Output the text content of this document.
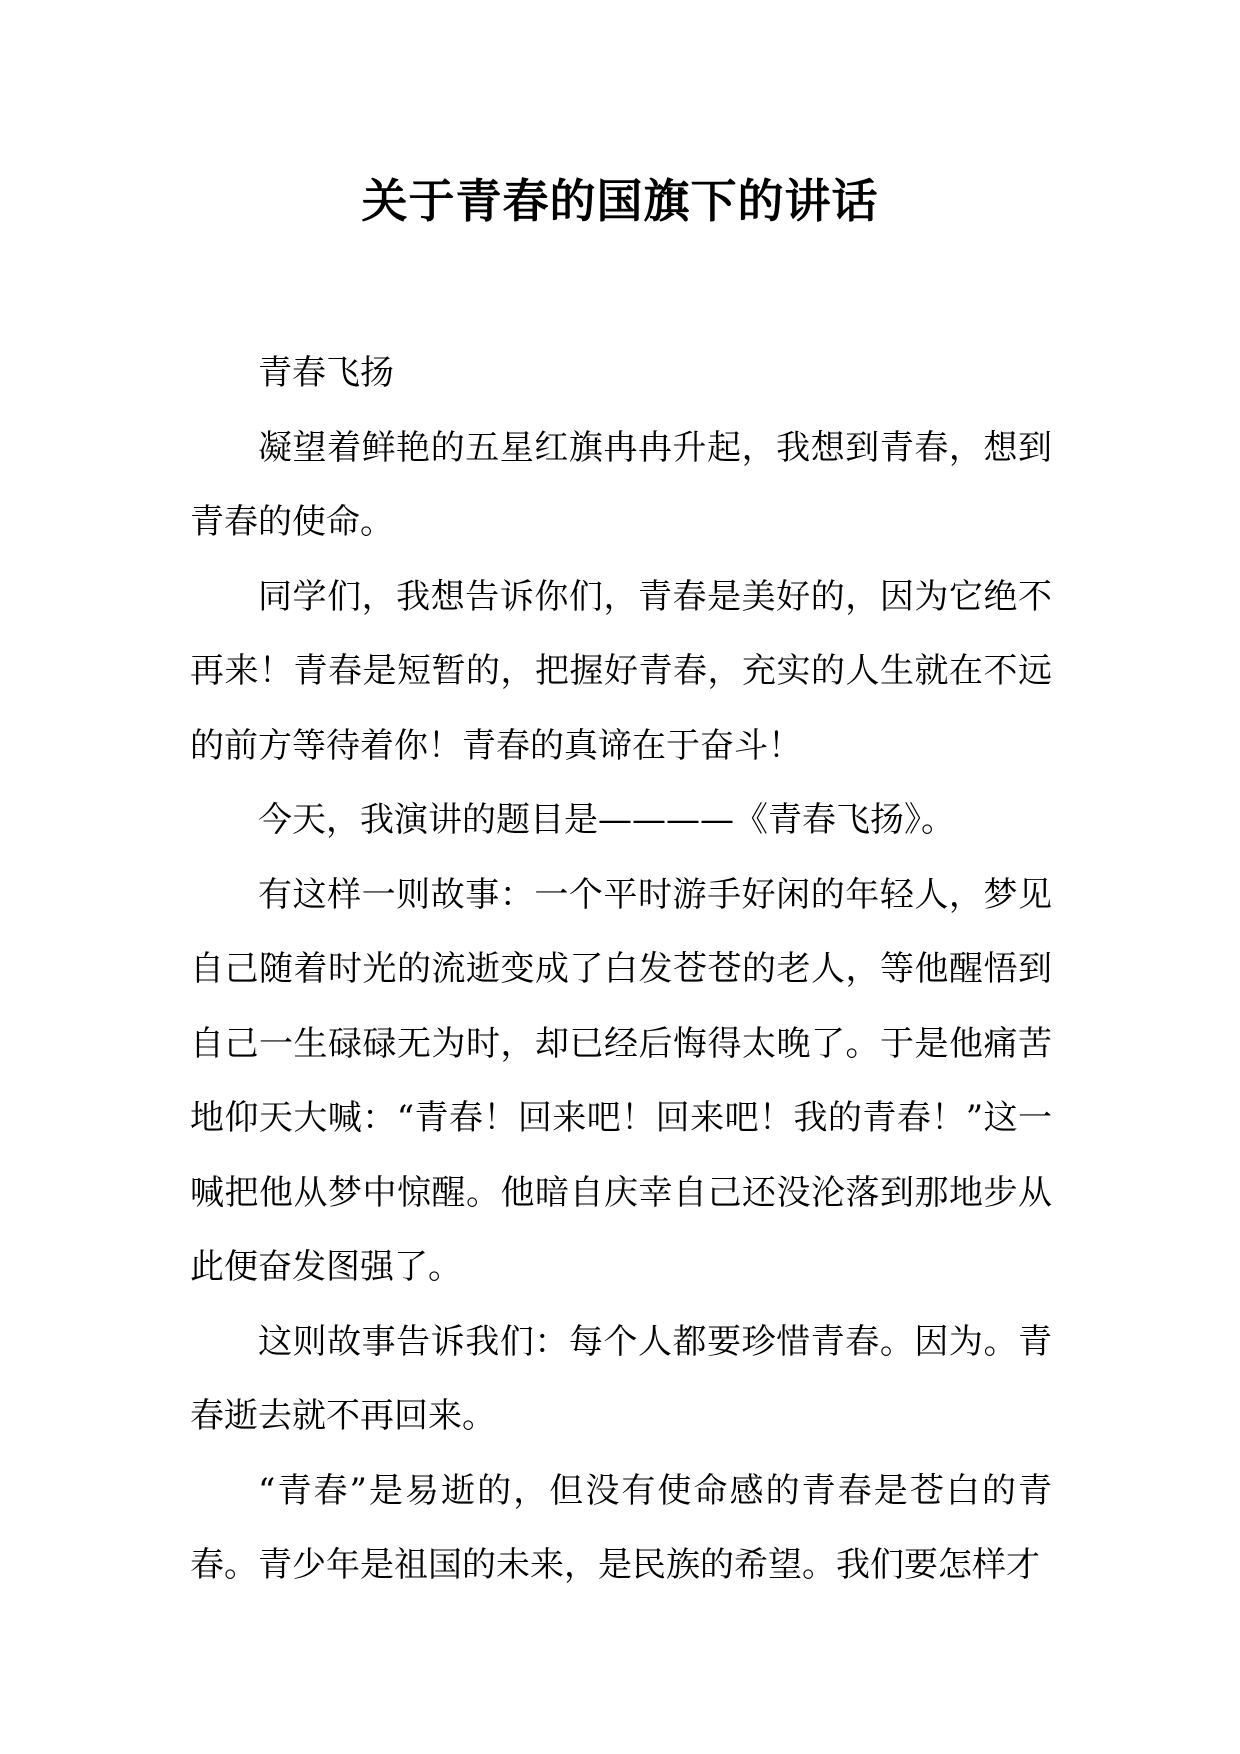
关于青春的国旗下的讲话

青春飞扬

凝望着鲜艳的五星红旗冉冉升起，我想到青春，想到青春的使命。

同学们，我想告诉你们，青春是美好的，因为它绝不再来！青春是短暂的，把握好青春，充实的人生就在不远的前方等待着你！青春的真谛在于奋斗！

今天，我演讲的题目是————《青春飞扬》。

有这样一则故事：一个平时游手好闲的年轻人，梦见自己随着时光的流逝变成了白发苍苍的老人，等他醒悟到自己一生碌碌无为时，却已经后悔得太晚了。于是他痛苦地仰天大喊：“青春！回来吧！回来吧！我的青春！”这一喊把他从梦中惊醒。他暗自庆幸自己还没沦落到那地步从此便奋发图强了。

这则故事告诉我们：每个人都要珍惜青春。因为。青春逝去就不再回来。

“青春”是易逝的，但没有使命感的青春是苍白的青春。青少年是祖国的未来，是民族的希望。我们要怎样才
